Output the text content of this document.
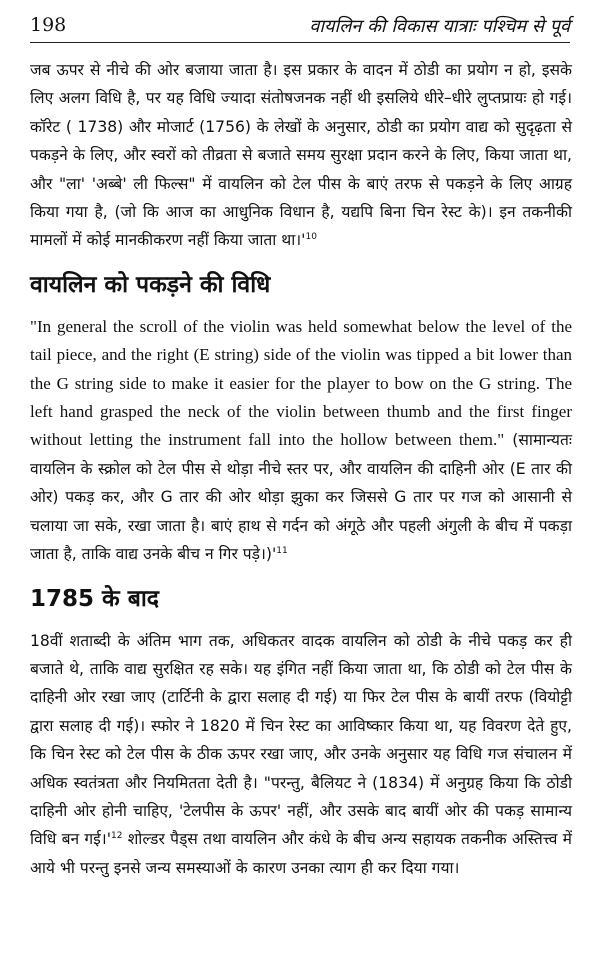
198	वायलिन की विकास यात्राः पश्चिम से पूर्व

जब ऊपर से नीचे की ओर बजाया जाता है। इस प्रकार के वादन में ठोडी का प्रयोग न हो, इसके लिए अलग विधि है, पर यह विधि ज्यादा संतोषजनक नहीं थी इसलिये धीरे–धीरे लुप्तप्रायः हो गई। कॉरेट ( 1738) और मोजार्ट (1756) के लेखों के अनुसार, ठोडी का प्रयोग वाद्य को सुदृढ़ता से पकड़ने के लिए, और स्वरों को तीव्रता से बजाते समय सुरक्षा प्रदान करने के लिए, किया जाता था, और "ला' 'अब्बे' ली फिल्स" में वायलिन को टेल पीस के बाएं तरफ से पकड़ने के लिए आग्रह किया गया है, (जो कि आज का आधुनिक विधान है, यद्यपि बिना चिन रेस्ट के)। इन तकनीकी मामलों में कोई मानकीकरण नहीं किया जाता $था।'^{10}$

वायलिन को पकड़ने की विधि

"In general the scroll of the violin was held somewhat below the level of the tail piece, and the right (E string) side of the violin was tipped a bit lower than the G string side to make it easier for the player to bow on the G string. The left hand grasped the neck of the violin between thumb and the first finger without letting the instrument fall into the hollow between them." (सामान्यतः वायलिन के स्क्रोल को टेल पीस से थोड़ा नीचे स्तर पर, और वायलिन की दाहिनी ओर (E तार की ओर) पकड़ कर, और G तार की ओर थोड़ा झुका कर जिससे G तार पर गज को आसानी से चलाया जा सके, रखा जाता है। बाएं हाथ से गर्दन को अंगूठे और पहली अंगुली के बीच में पकड़ा जाता है, ताकि वाद्य उनके बीच न गिर $पड़े।)'^{11}$

1785 के बाद

18वीं शताब्दी के अंतिम भाग तक, अधिकतर वादक वायलिन को ठोडी के नीचे पकड़ कर ही बजाते थे, ताकि वाद्य सुरक्षित रह सके। यह इंगित नहीं किया जाता था, कि ठोडी को टेल पीस के दाहिनी ओर रखा जाए (टार्टिनी के द्वारा सलाह दी गई) या फिर टेल पीस के बायीं तरफ (वियोट्टी द्वारा सलाह दी गई)। स्फोर ने 1820 में चिन रेस्ट का आविष्कार किया था, यह विवरण देते हुए, कि चिन रेस्ट को टेल पीस के ठीक ऊपर रखा जाए, और उनके अनुसार यह विधि गज संचालन में अधिक स्वतंत्रता और नियमितता देती है। "परन्तु, बैलियट ने (1834) में अनुग्रह किया कि ठोडी दाहिनी ओर होनी चाहिए, 'टेलपीस के ऊपर' नहीं, और उसके बाद बायीं ओर की पकड़ सामान्य विधि बन $गई।'^{12}$ शोल्डर पैड्स तथा वायलिन और कंधे के बीच अन्य सहायक तकनीक अस्तित्त्व में आये भी परन्तु इनसे जन्य समस्याओं के कारण उनका त्याग ही कर दिया गया।
